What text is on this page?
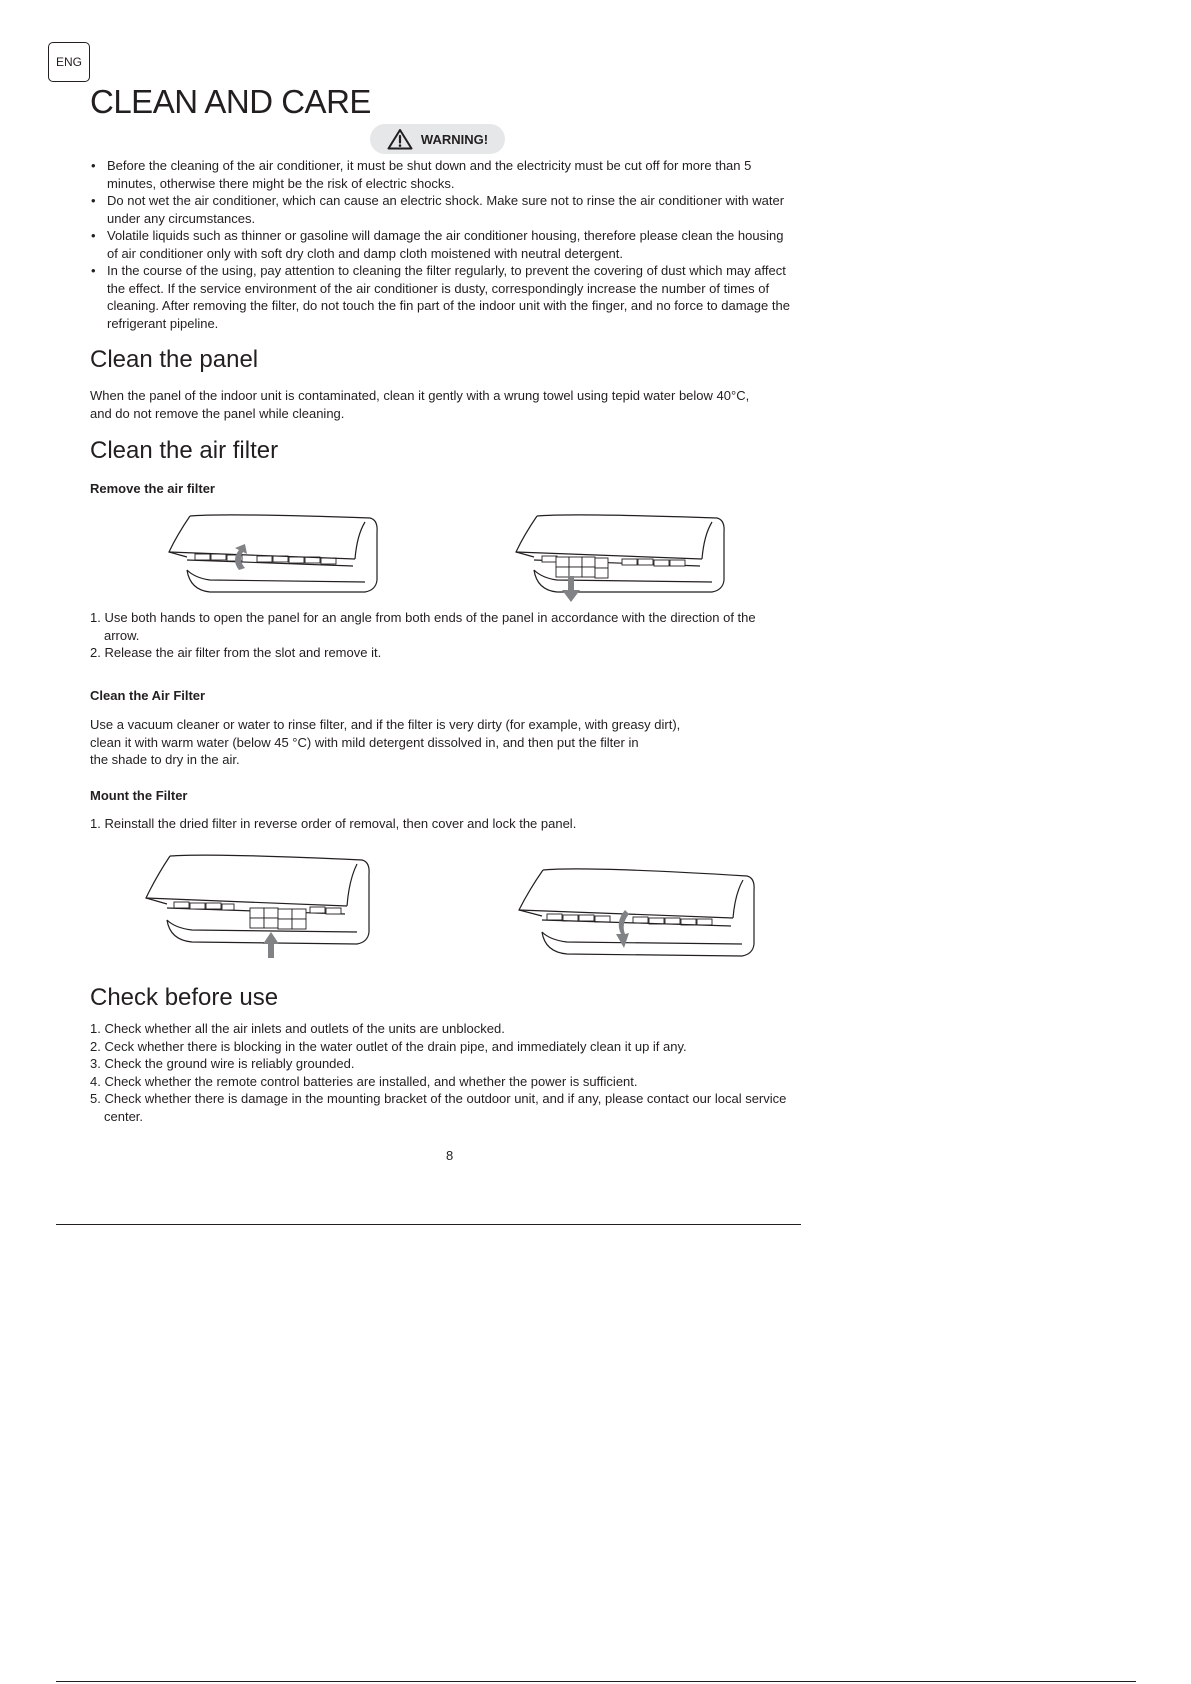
ENG
CLEAN AND CARE
WARNING!
• Before the cleaning of the air conditioner, it must be shut down and the electricity must be cut off for more than 5 minutes, otherwise there might be the risk of electric shocks.
• Do not wet the air conditioner, which can cause an electric shock. Make sure not to rinse the air conditioner with water under any circumstances.
• Volatile liquids such as thinner or gasoline will damage the air conditioner housing, therefore please clean the housing of air conditioner only with soft dry cloth and damp cloth moistened with neutral detergent.
• In the course of the using, pay attention to cleaning the filter regularly, to prevent the covering of dust which may affect the effect. If the service environment of the air conditioner is dusty, correspondingly increase the number of times of cleaning. After removing the filter, do not touch the fin part of the indoor unit with the finger, and no force to damage the refrigerant pipeline.
Clean the panel

When the panel of the indoor unit is contaminated, clean it gently with a wrung towel using tepid water below 40°C, and do not remove the panel while cleaning.

Clean the air filter
Remove the air filter
1. Use both hands to open the panel for an angle from both ends of the panel in accordance with the direction of the arrow.
2. Release the air filter from the slot and remove it.
Clean the Air Filter
Use a vacuum cleaner or water to rinse filter, and if the filter is very dirty (for example, with greasy dirt),
clean it with warm water (below 45 °C) with mild detergent dissolved in, and then put the filter in
the shade to dry in the air.
Mount the Filter
1. Reinstall the dried filter in reverse order of removal, then cover and lock the panel.
Check before use
1. Check whether all the air inlets and outlets of the units are unblocked.
2. Ceck whether there is blocking in the water outlet of the drain pipe, and immediately clean it up if any.
3. Check the ground wire is reliably grounded.
4. Check whether the remote control batteries are installed, and whether the power is sufficient.
5. Check whether there is damage in the mounting bracket of the outdoor unit, and if any, please contact our local service center.
8
